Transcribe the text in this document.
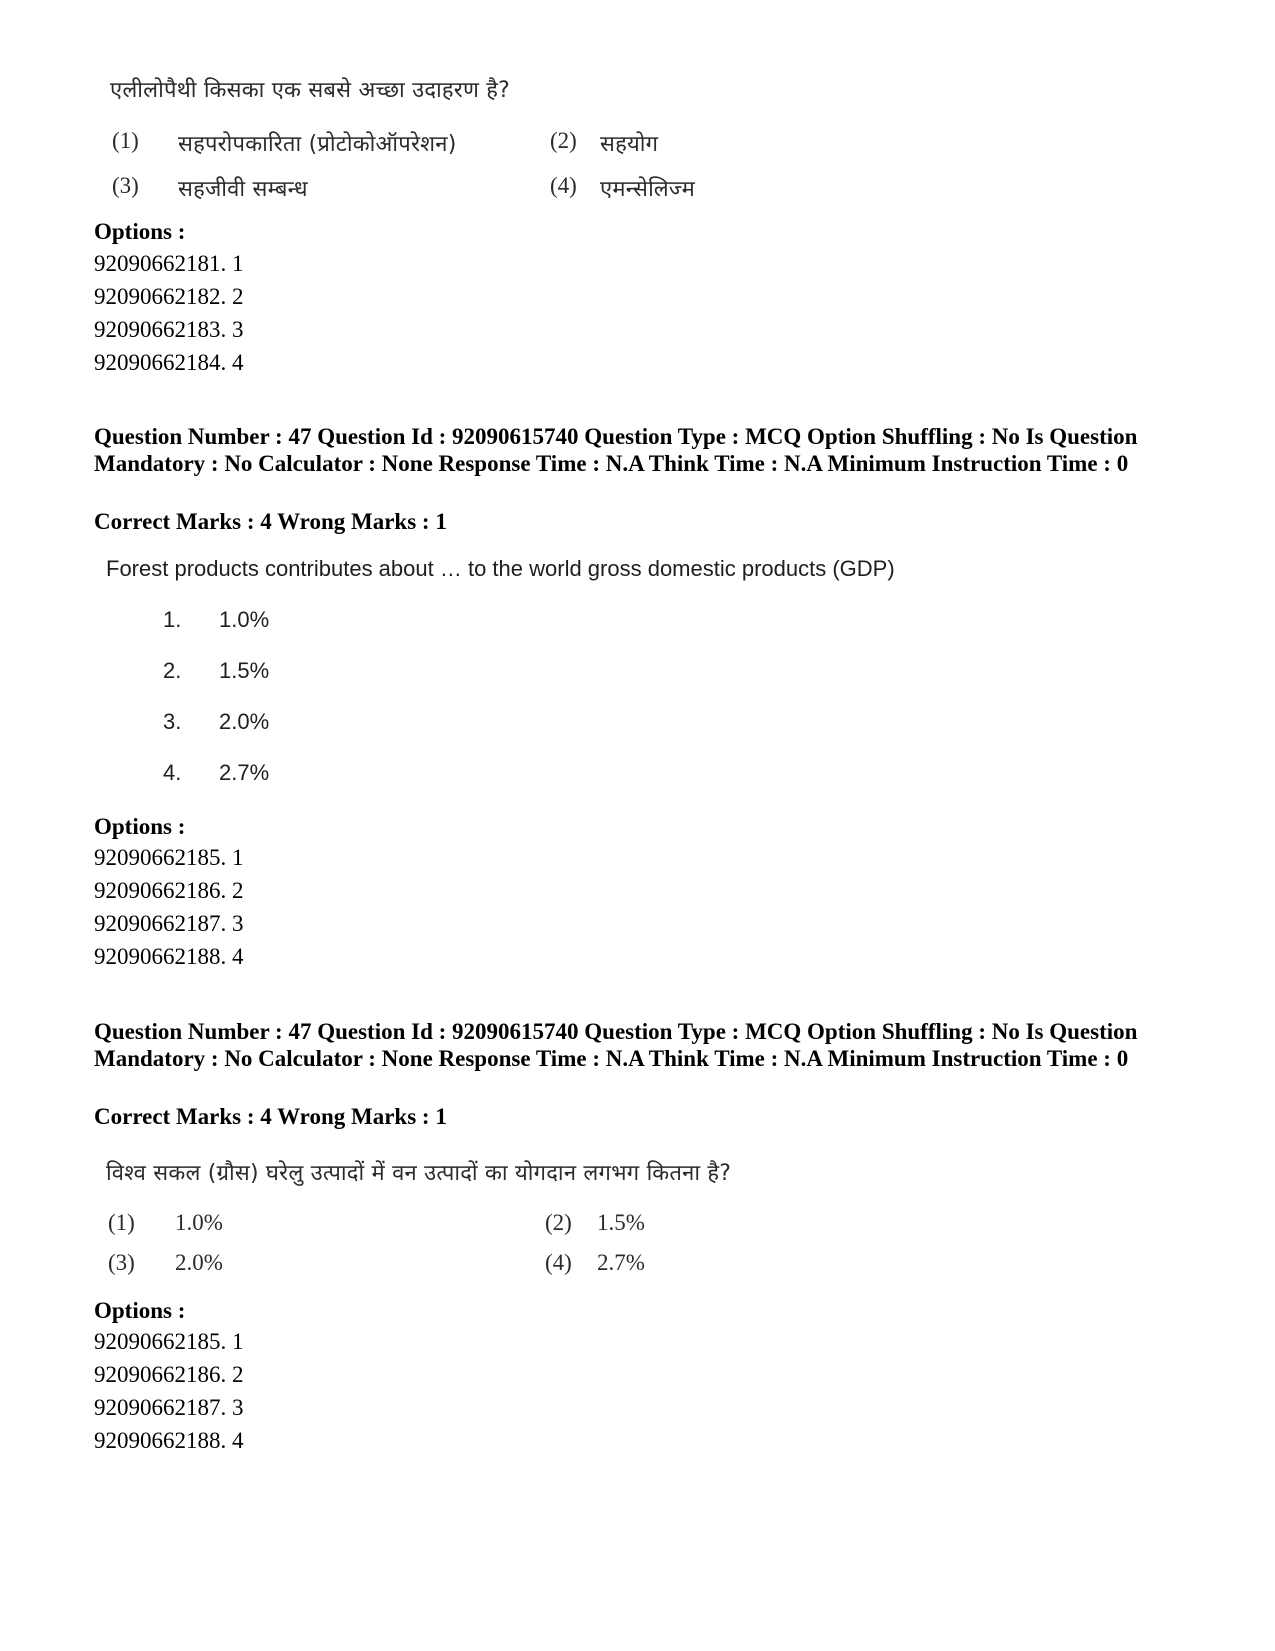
एलीलोपैथी किसका एक सबसे अच्छा उदाहरण है?
(1) सहपरोपकारिता (प्रोटोकोऑपरेशन)	(2) सहयोग
(3) सहजीवी सम्बन्ध	(4) एमन्सेलिज्म
Options :
92090662181. 1
92090662182. 2
92090662183. 3
92090662184. 4
Question Number : 47 Question Id : 92090615740 Question Type : MCQ Option Shuffling : No Is Question Mandatory : No Calculator : None Response Time : N.A Think Time : N.A Minimum Instruction Time : 0
Correct Marks : 4 Wrong Marks : 1
Forest products contributes about … to the world gross domestic products (GDP)
1. 1.0%
2. 1.5%
3. 2.0%
4. 2.7%
Options :
92090662185. 1
92090662186. 2
92090662187. 3
92090662188. 4
Question Number : 47 Question Id : 92090615740 Question Type : MCQ Option Shuffling : No Is Question Mandatory : No Calculator : None Response Time : N.A Think Time : N.A Minimum Instruction Time : 0
Correct Marks : 4 Wrong Marks : 1
विश्व सकल (ग्रौस) घरेलु उत्पादों में वन उत्पादों का योगदान लगभग कितना है?
(1) 1.0%	(2) 1.5%
(3) 2.0%	(4) 2.7%
Options :
92090662185. 1
92090662186. 2
92090662187. 3
92090662188. 4
